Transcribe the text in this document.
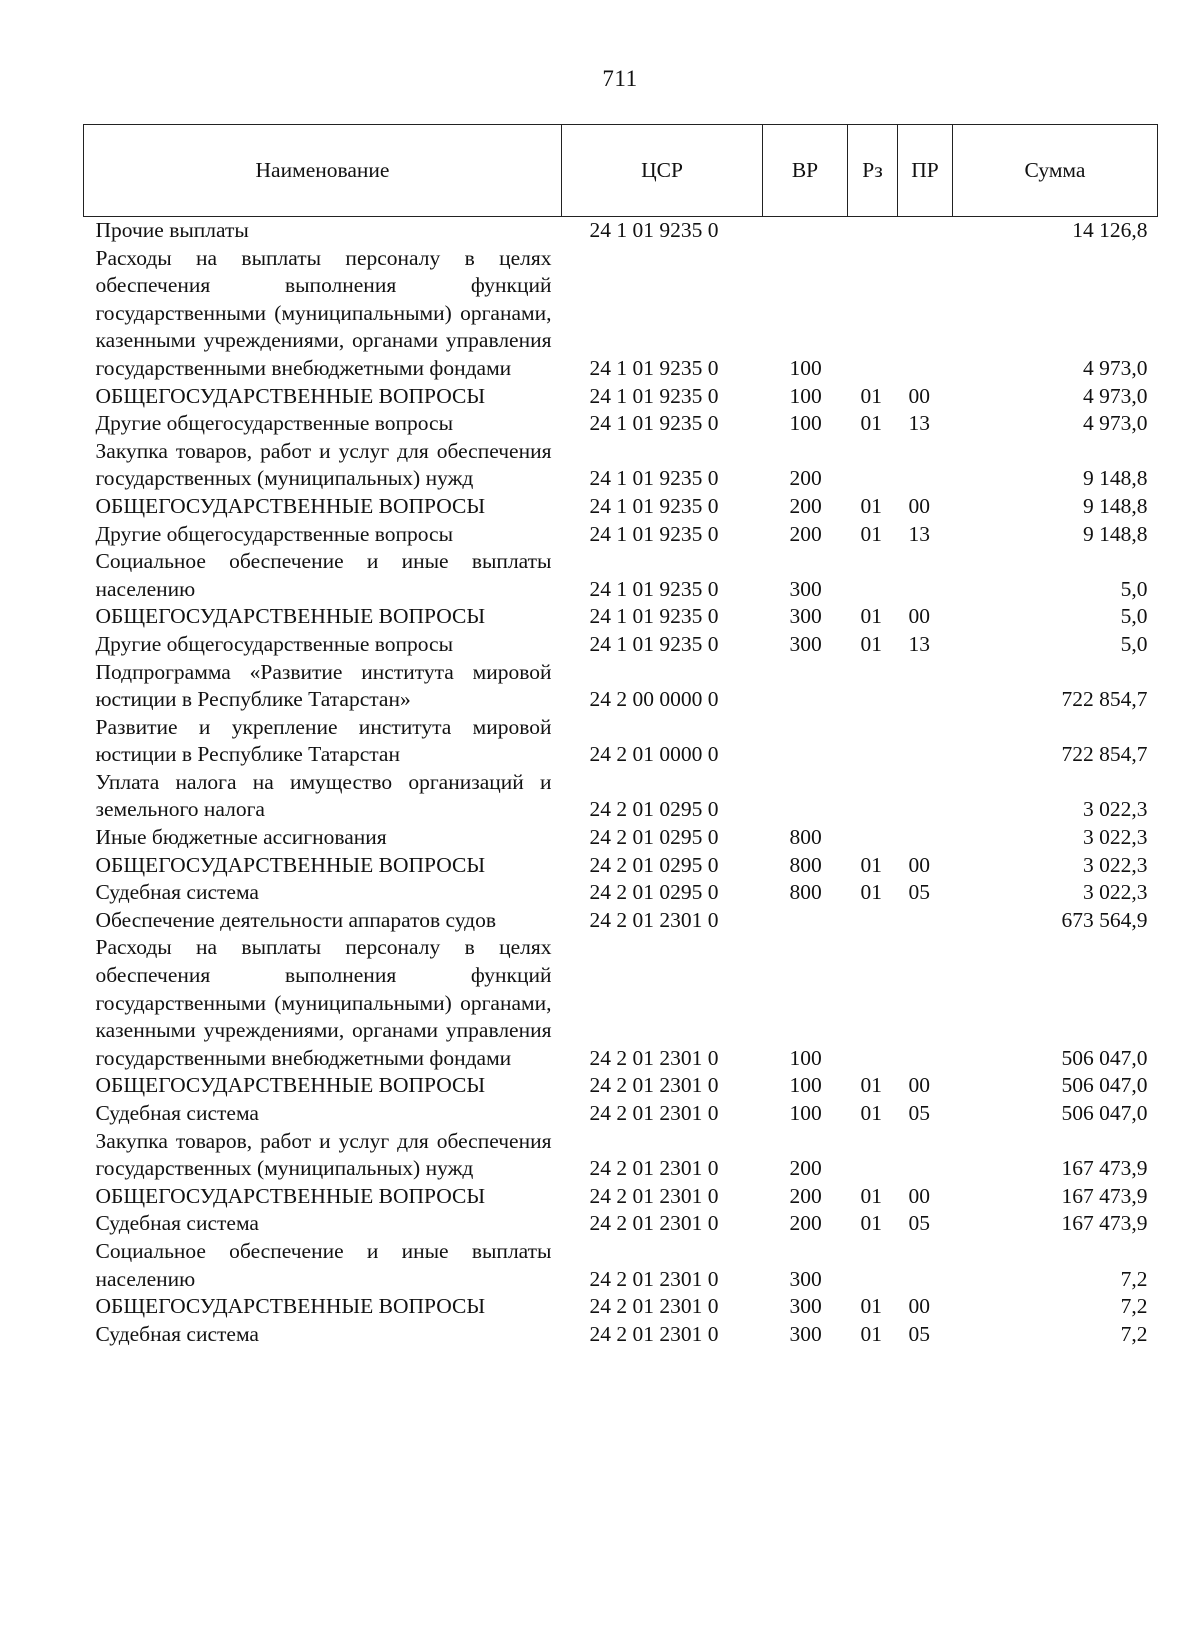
711
Наименование	ЦСР	ВР	Рз	ПР	Сумма
Прочие выплаты	24 1 01 9235 0				14 126,8
Расходы на выплаты персоналу в целях обеспечения выполнения функций государственными (муниципальными) органами, казенными учреждениями, органами управления государственными внебюджетными фондами	24 1 01 9235 0	100			4 973,0
ОБЩЕГОСУДАРСТВЕННЫЕ ВОПРОСЫ	24 1 01 9235 0	100	01	00	4 973,0
Другие общегосударственные вопросы	24 1 01 9235 0	100	01	13	4 973,0
Закупка товаров, работ и услуг для обеспечения государственных (муниципальных) нужд	24 1 01 9235 0	200			9 148,8
ОБЩЕГОСУДАРСТВЕННЫЕ ВОПРОСЫ	24 1 01 9235 0	200	01	00	9 148,8
Другие общегосударственные вопросы	24 1 01 9235 0	200	01	13	9 148,8
Социальное обеспечение и иные выплаты населению	24 1 01 9235 0	300			5,0
ОБЩЕГОСУДАРСТВЕННЫЕ ВОПРОСЫ	24 1 01 9235 0	300	01	00	5,0
Другие общегосударственные вопросы	24 1 01 9235 0	300	01	13	5,0
Подпрограмма «Развитие института мировой юстиции в Республике Татарстан»	24 2 00 0000 0				722 854,7
Развитие и укрепление института мировой юстиции в Республике Татарстан	24 2 01 0000 0				722 854,7
Уплата налога на имущество организаций и земельного налога	24 2 01 0295 0				3 022,3
Иные бюджетные ассигнования	24 2 01 0295 0	800			3 022,3
ОБЩЕГОСУДАРСТВЕННЫЕ ВОПРОСЫ	24 2 01 0295 0	800	01	00	3 022,3
Судебная система	24 2 01 0295 0	800	01	05	3 022,3
Обеспечение деятельности аппаратов судов	24 2 01 2301 0				673 564,9
Расходы на выплаты персоналу в целях обеспечения выполнения функций государственными (муниципальными) органами, казенными учреждениями, органами управления государственными внебюджетными фондами	24 2 01 2301 0	100			506 047,0
ОБЩЕГОСУДАРСТВЕННЫЕ ВОПРОСЫ	24 2 01 2301 0	100	01	00	506 047,0
Судебная система	24 2 01 2301 0	100	01	05	506 047,0
Закупка товаров, работ и услуг для обеспечения государственных (муниципальных) нужд	24 2 01 2301 0	200			167 473,9
ОБЩЕГОСУДАРСТВЕННЫЕ ВОПРОСЫ	24 2 01 2301 0	200	01	00	167 473,9
Судебная система	24 2 01 2301 0	200	01	05	167 473,9
Социальное обеспечение и иные выплаты населению	24 2 01 2301 0	300			7,2
ОБЩЕГОСУДАРСТВЕННЫЕ ВОПРОСЫ	24 2 01 2301 0	300	01	00	7,2
Судебная система	24 2 01 2301 0	300	01	05	7,2
